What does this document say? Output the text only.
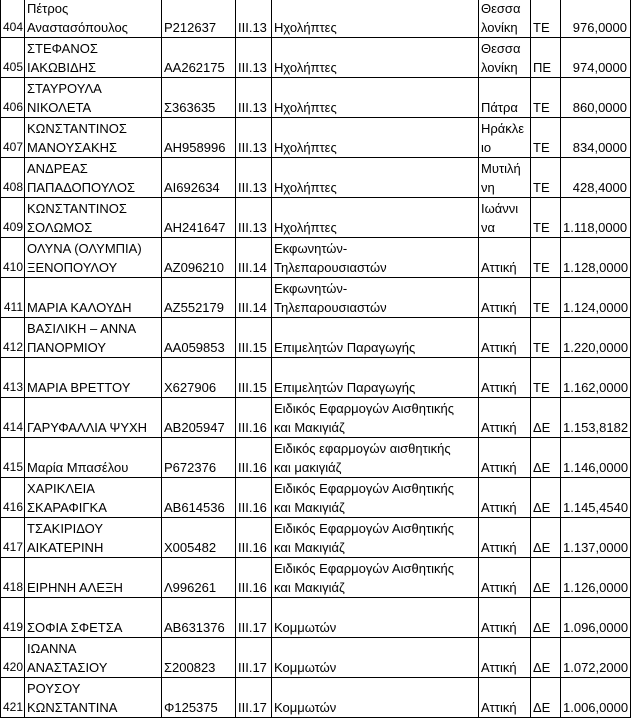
404	Πέτρος
Αναστασόπουλος	Ρ212637	ΙΙΙ.13	Ηχολήπτες	Θεσσα
λονίκη	ΤΕ	976,0000
405	ΣΤΕΦΑΝΟΣ
ΙΑΚΩΒΙΔΗΣ	ΑΑ262175	ΙΙΙ.13	Ηχολήπτες	Θεσσα
λονίκη	ΠΕ	974,0000
406	ΣΤΑΥΡΟΥΛΑ
ΝΙΚΟΛΕΤΑ	Σ363635	ΙΙΙ.13	Ηχολήπτες	Πάτρα	ΤΕ	860,0000
407	ΚΩΝΣΤΑΝΤΙΝΟΣ
ΜΑΝΟΥΣΑΚΗΣ	ΑΗ958996	ΙΙΙ.13	Ηχολήπτες	Ηράκλε
ιο	ΤΕ	834,0000
408	ΑΝΔΡΕΑΣ
ΠΑΠΑΔΟΠΟΥΛΟΣ	ΑΙ692634	ΙΙΙ.13	Ηχολήπτες	Μυτιλή
νη	ΤΕ	428,4000
409	ΚΩΝΣΤΑΝΤΙΝΟΣ
ΣΟΛΩΜΟΣ	ΑΗ241647	ΙΙΙ.13	Ηχολήπτες	Ιωάννι
να	ΤΕ	1.118,0000
410	ΟΛΥΝΑ (ΟΛΥΜΠΙΑ)
ΞΕΝΟΠΟΥΛΟΥ	ΑΖ096210	ΙΙΙ.14	Εκφωνητών-
Τηλεπαρουσιαστών	Αττική	ΤΕ	1.128,0000
411	ΜΑΡΙΑ ΚΑΛΟΥΔΗ	ΑΖ552179	ΙΙΙ.14	Εκφωνητών-
Τηλεπαρουσιαστών	Αττική	ΤΕ	1.124,0000
412	ΒΑΣΙΛΙΚΗ – ΑΝΝΑ
ΠΑΝΟΡΜΙΟΥ	ΑΑ059853	ΙΙΙ.15	Επιμελητών Παραγωγής	Αττική	ΤΕ	1.220,0000
413	ΜΑΡΙΑ ΒΡΕΤΤΟΥ	Χ627906	ΙΙΙ.15	Επιμελητών Παραγωγής	Αττική	ΤΕ	1.162,0000
414	ΓΑΡΥΦΑΛΛΙΑ ΨΥΧΗ	ΑΒ205947	ΙΙΙ.16	Ειδικός Εφαρμογών Αισθητικής
και Μακιγιάζ	Αττική	ΔΕ	1.153,8182
415	Μαρία Μπασέλου	Ρ672376	ΙΙΙ.16	Ειδικός εφαρμογών αισθητικής
και μακιγιάζ	Αττική	ΔΕ	1.146,0000
416	ΧΑΡΙΚΛΕΙΑ
ΣΚΑΡΑΦΙΓΚΑ	ΑΒ614536	ΙΙΙ.16	Ειδικός Εφαρμογών Αισθητικής
και Μακιγιάζ	Αττική	ΔΕ	1.145,4540
417	ΤΣΑΚΙΡΙΔΟΥ
ΑΙΚΑΤΕΡΙΝΗ	Χ005482	ΙΙΙ.16	Ειδικός Εφαρμογών Αισθητικής
και Μακιγιάζ	Αττική	ΔΕ	1.137,0000
418	ΕΙΡΗΝΗ ΑΛΕΞΗ	Λ996261	ΙΙΙ.16	Ειδικός Εφαρμογών Αισθητικής
και Μακιγιάζ	Αττική	ΔΕ	1.126,0000
419	ΣΟΦΙΑ ΣΦΕΤΣΑ	ΑΒ631376	ΙΙΙ.17	Κομμωτών	Αττική	ΔΕ	1.096,0000
420	ΙΩΑΝΝΑ
ΑΝΑΣΤΑΣΙΟΥ	Σ200823	ΙΙΙ.17	Κομμωτών	Αττική	ΔΕ	1.072,2000
421	ΡΟΥΣΟΥ
ΚΩΝΣΤΑΝΤΙΝΑ	Φ125375	ΙΙΙ.17	Κομμωτών	Αττική	ΔΕ	1.006,0000
